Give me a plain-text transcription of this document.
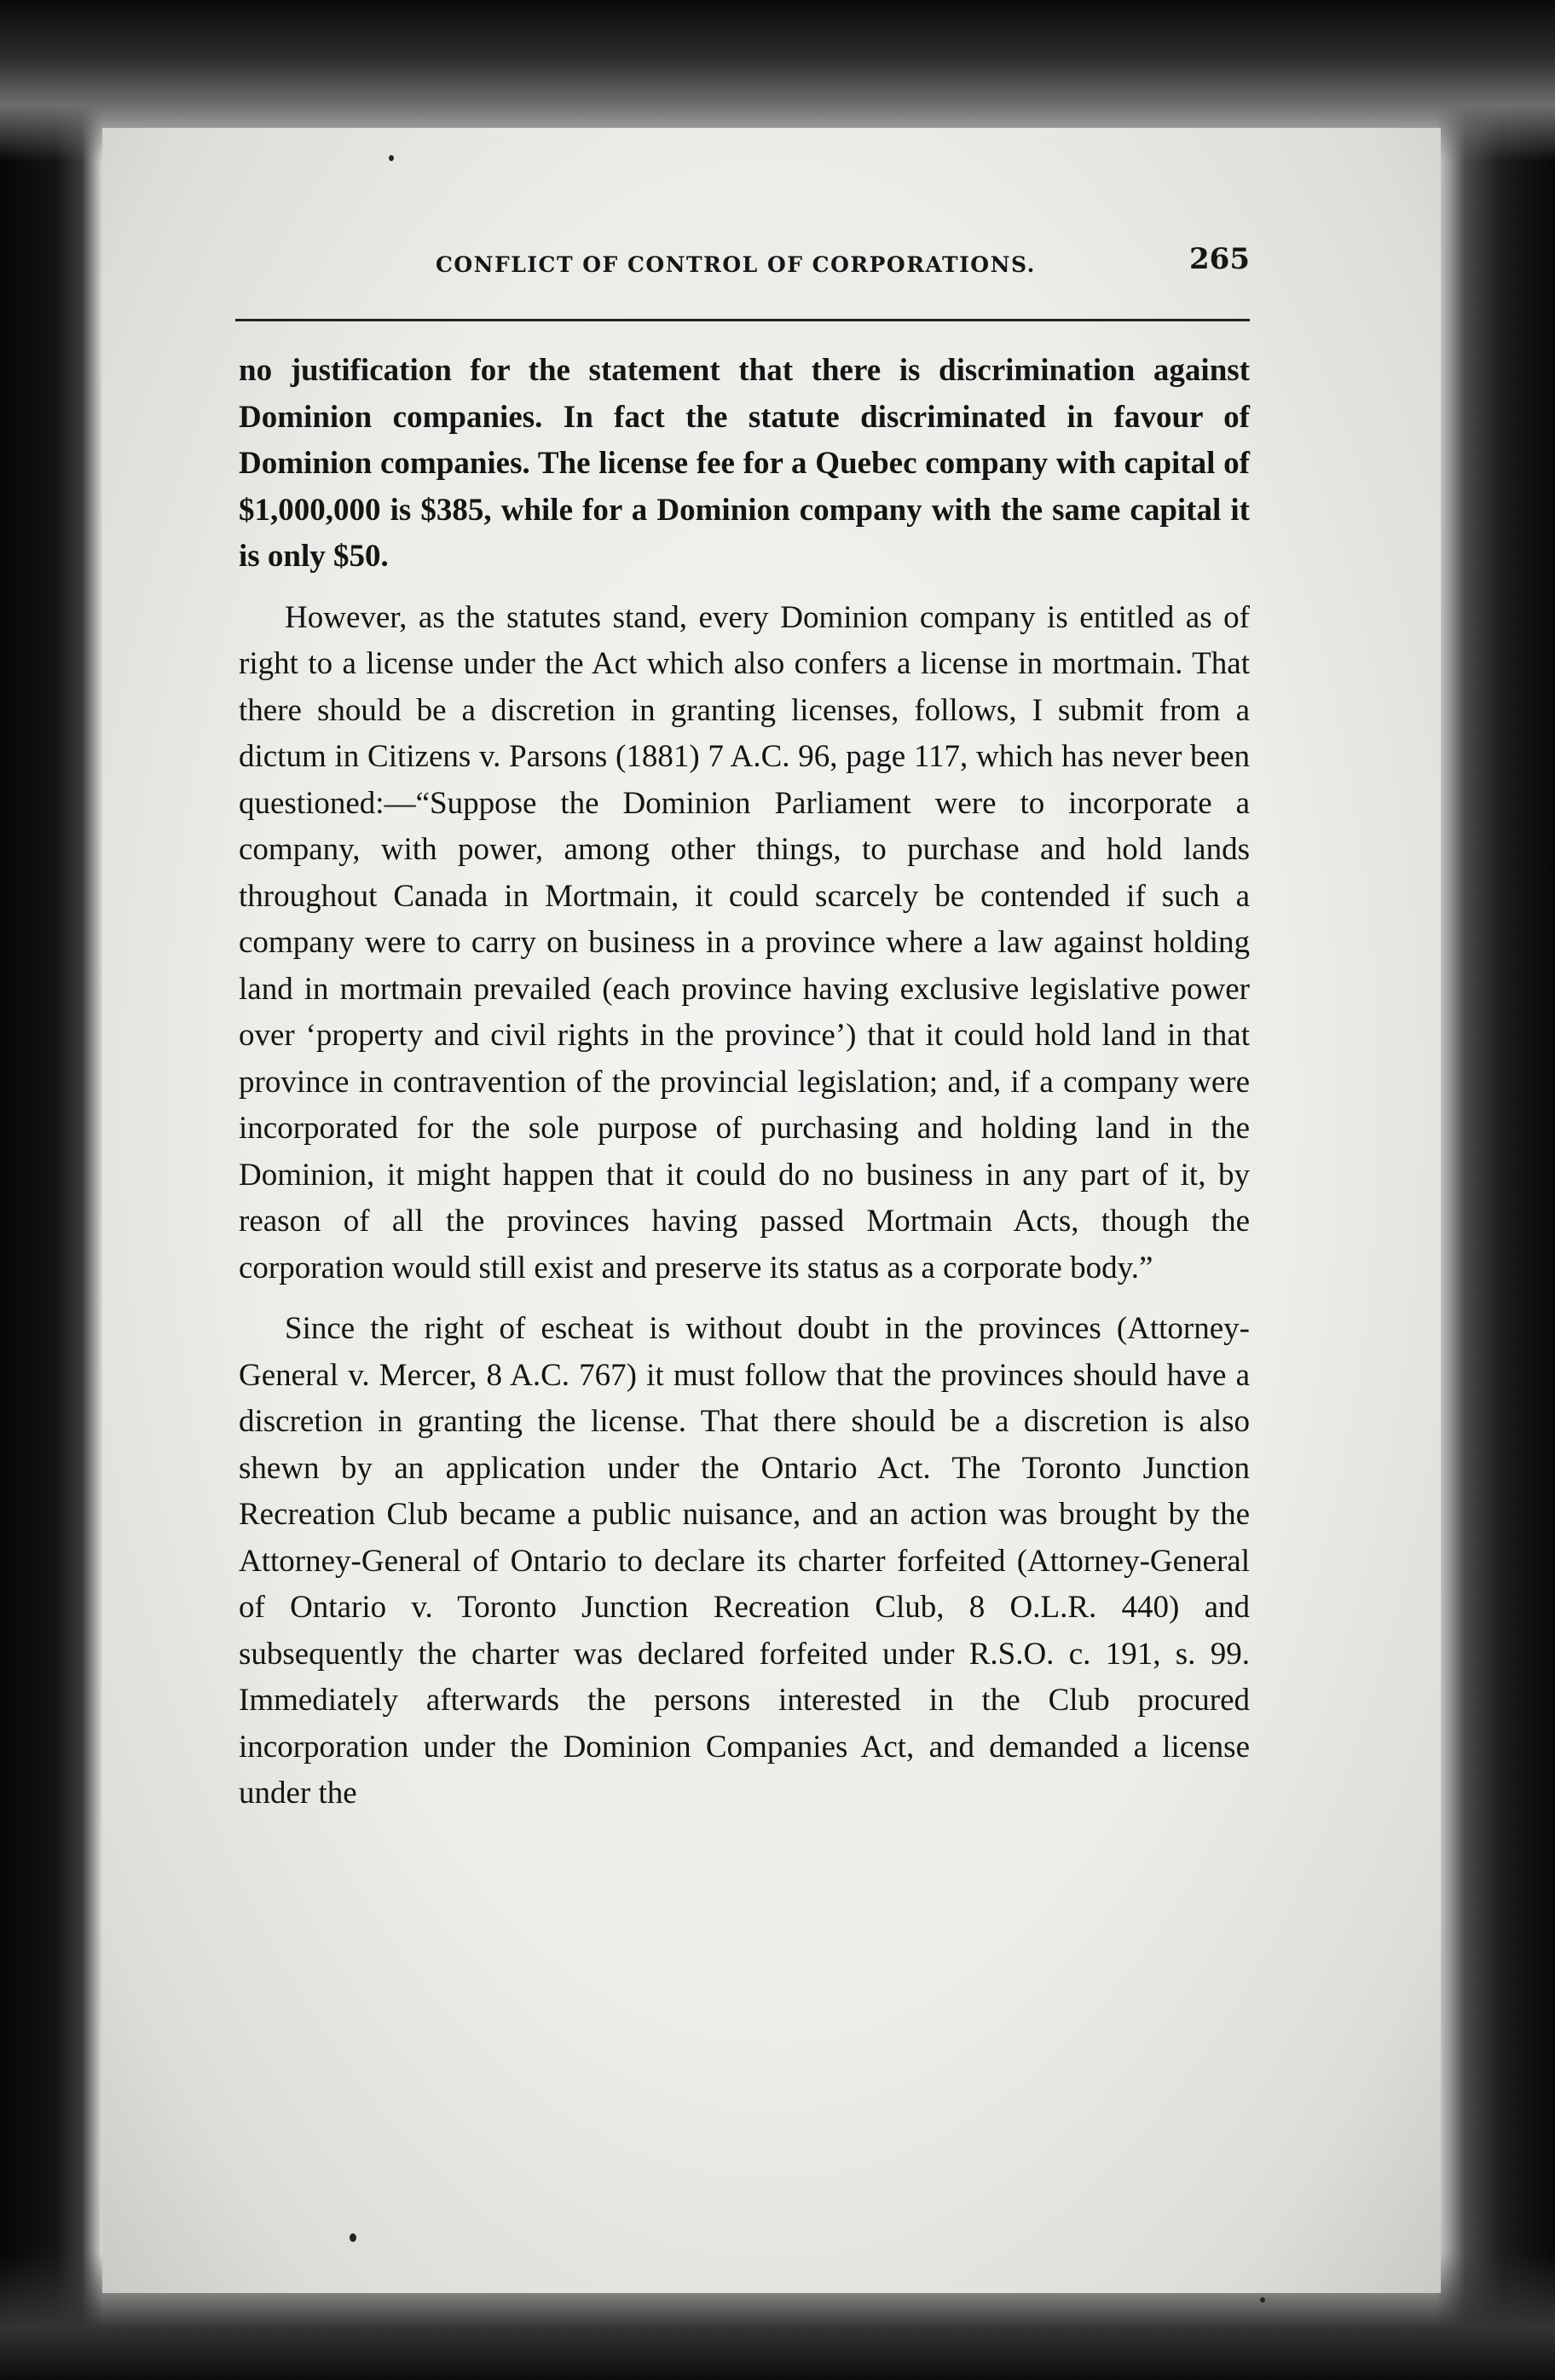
CONFLICT OF CONTROL OF CORPORATIONS.	265

no justification for the statement that there is discrimination against Dominion companies. In fact the statute discriminated in favour of Dominion companies. The license fee for a Quebec company with capital of $1,000,000 is $385, while for a Dominion company with the same capital it is only $50.

However, as the statutes stand, every Dominion company is entitled as of right to a license under the Act which also confers a license in mortmain. That there should be a discretion in granting licenses, follows, I submit from a dictum in Citizens v. Parsons (1881) 7 A.C. 96, page 117, which has never been questioned:—“Suppose the Dominion Parliament were to incorporate a company, with power, among other things, to purchase and hold lands throughout Canada in Mortmain, it could scarcely be contended if such a company were to carry on business in a province where a law against holding land in mortmain prevailed (each province having exclusive legislative power over ‘property and civil rights in the province’) that it could hold land in that province in contravention of the provincial legislation; and, if a company were incorporated for the sole purpose of purchasing and holding land in the Dominion, it might happen that it could do no business in any part of it, by reason of all the provinces having passed Mortmain Acts, though the corporation would still exist and preserve its status as a corporate body.”

Since the right of escheat is without doubt in the provinces (Attorney-General v. Mercer, 8 A.C. 767) it must follow that the provinces should have a discretion in granting the license. That there should be a discretion is also shewn by an application under the Ontario Act. The Toronto Junction Recreation Club became a public nuisance, and an action was brought by the Attorney-General of Ontario to declare its charter forfeited (Attorney-General of Ontario v. Toronto Junction Recreation Club, 8 O.L.R. 440) and subsequently the charter was declared forfeited under R.S.O. c. 191, s. 99. Immediately afterwards the persons interested in the Club procured incorporation under the Dominion Companies Act, and demanded a license under the
